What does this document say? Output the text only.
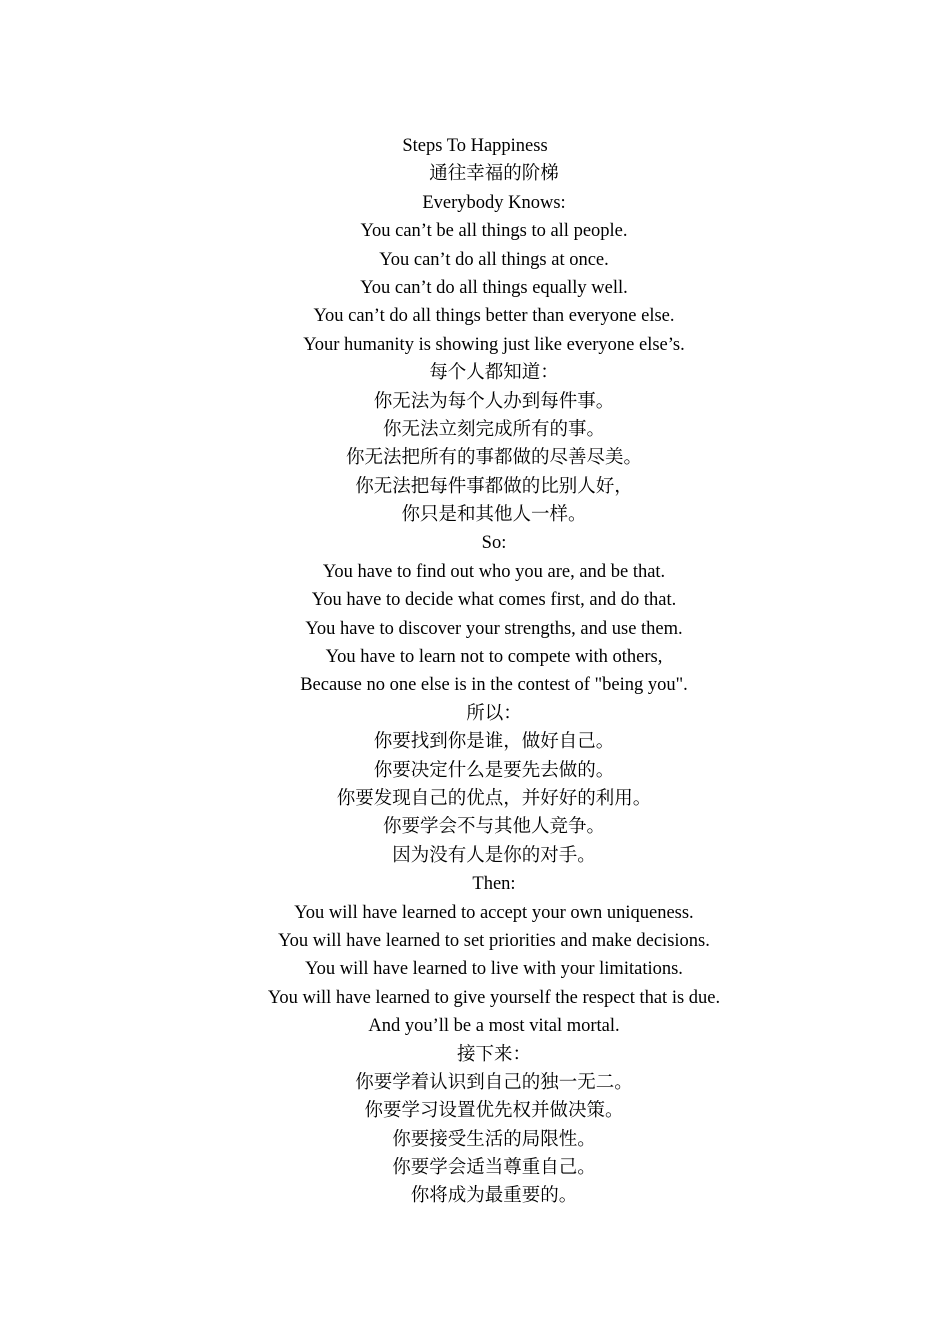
Steps To Happiness
通往幸福的阶梯
Everybody Knows:
You can’t be all things to all people.
You can’t do all things at once.
You can’t do all things equally well.
You can’t do all things better than everyone else.
Your humanity is showing just like everyone else’s.
每个人都知道：
你无法为每个人办到每件事。
你无法立刻完成所有的事。
你无法把所有的事都做的尽善尽美。
你无法把每件事都做的比别人好，
你只是和其他人一样。
So:
You have to find out who you are, and be that.
You have to decide what comes first, and do that.
You have to discover your strengths, and use them.
You have to learn not to compete with others,
Because no one else is in the contest of "being you".
所以：
你要找到你是谁，做好自己。
你要决定什么是要先去做的。
你要发现自己的优点，并好好的利用。
你要学会不与其他人竞争。
因为没有人是你的对手。
Then:
You will have learned to accept your own uniqueness.
You will have learned to set priorities and make decisions.
You will have learned to live with your limitations.
You will have learned to give yourself the respect that is due.
And you’ll be a most vital mortal.
接下来：
你要学着认识到自己的独一无二。
你要学习设置优先权并做决策。
你要接受生活的局限性。
你要学会适当尊重自己。
你将成为最重要的。
